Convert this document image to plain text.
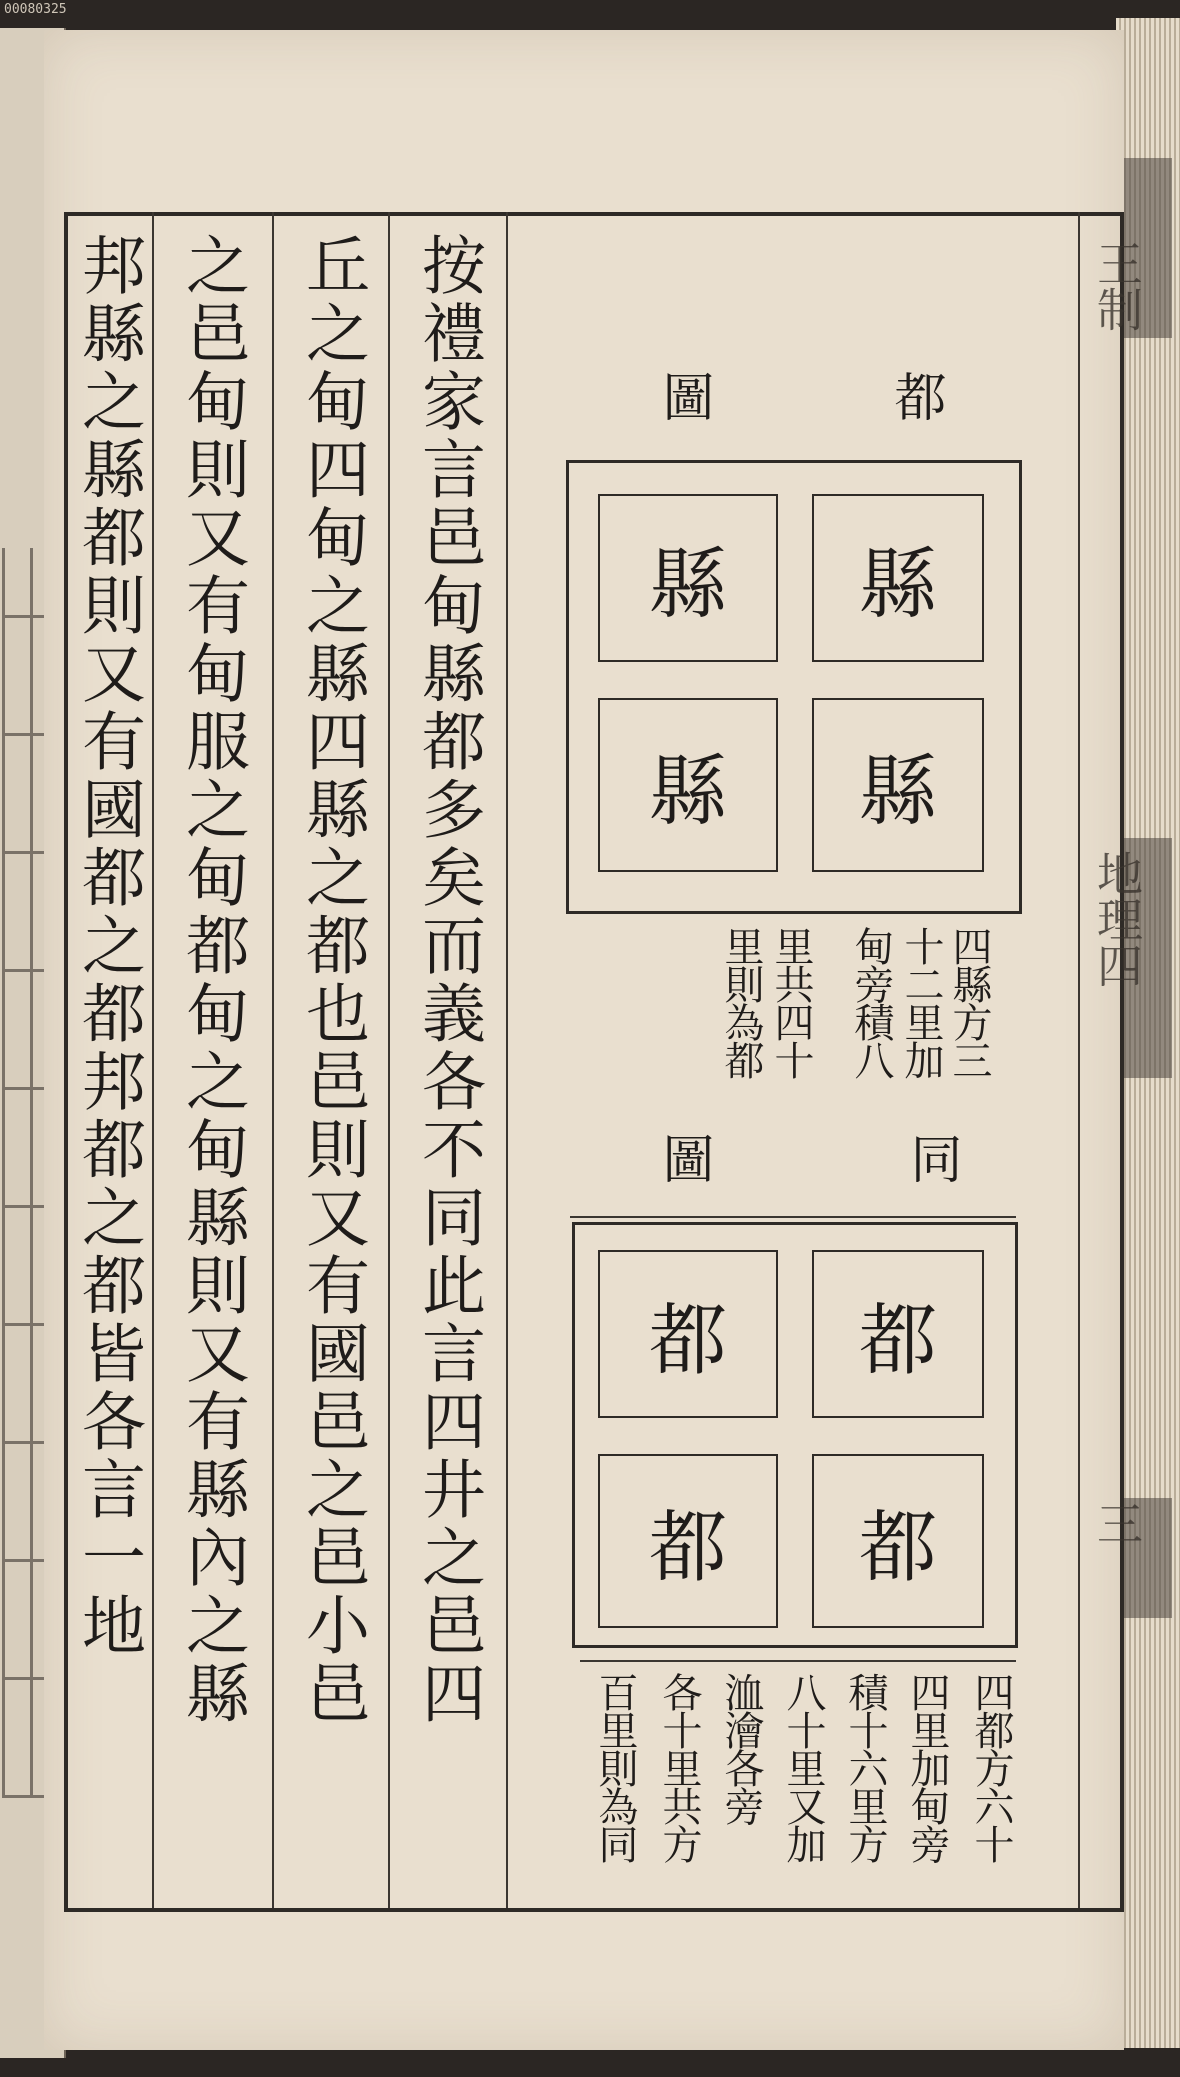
00080325
邦縣之縣都則又有國都之都邦都之都皆各言一地 之邑甸則又有甸服之甸都甸之甸縣則又有縣內之縣 丘之甸四甸之縣四縣之都也邑則又有國邑之邑小邑 按禮家言邑甸縣都多矣而義各不同此言四井之邑四	都
圖
縣
縣
縣
縣
四縣方三
十二里加
甸旁積八
里共四十
里則為都
同
圖
都
都
都
都
四都方六十
四里加甸旁
積十六里方
八十里又加
洫澮各旁
各十里共方
百里則為同
王制
地理四
三
